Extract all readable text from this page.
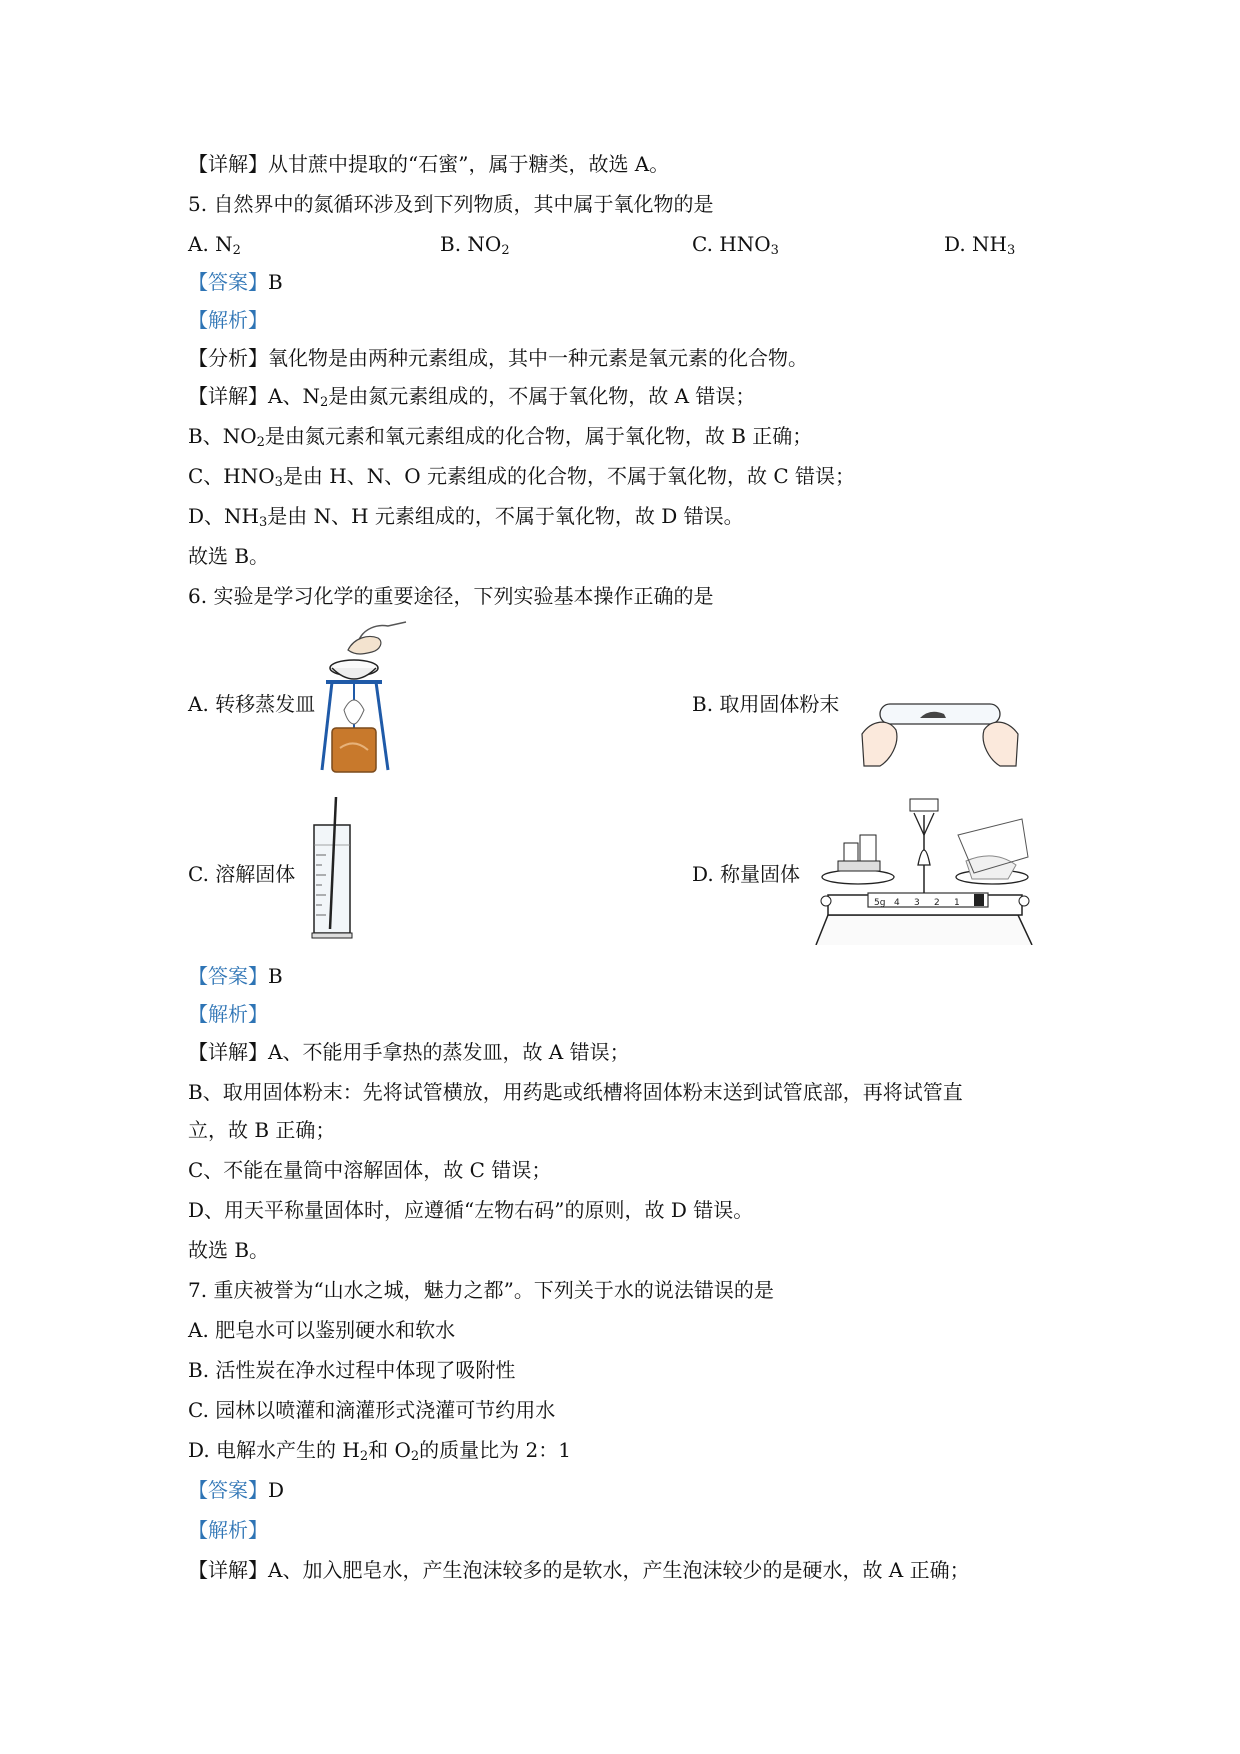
【详解】从甘蔗中提取的“石蜜”，属于糖类，故选 A。
5. 自然界中的氮循环涉及到下列物质，其中属于氧化物的是
A. $N_2$	B. $NO_2$	C. $HNO_3$	D. $NH_3$
【答案】B
【解析】
【分析】氧化物是由两种元素组成，其中一种元素是氧元素的化合物。
【详解】A、$N_2$是由氮元素组成的，不属于氧化物，故 A 错误；
B、$NO_2$是由氮元素和氧元素组成的化合物，属于氧化物，故 B 正确；
C、$HNO_3$是由 H、N、O 元素组成的化合物，不属于氧化物，故 C 错误；
D、$NH_3$是由 N、H 元素组成的，不属于氧化物，故 D 错误。
故选 B。
6. 实验是学习化学的重要途径，下列实验基本操作正确的是
A. 转移蒸发皿	B. 取用固体粉末
C. 溶解固体	D. 称量固体
5g 4 3 2 1
【答案】B
【解析】
【详解】A、不能用手拿热的蒸发皿，故 A 错误；
B、取用固体粉末：先将试管横放，用药匙或纸槽将固体粉末送到试管底部，再将试管直
立，故 B 正确；
C、不能在量筒中溶解固体，故 C 错误；
D、用天平称量固体时，应遵循“左物右码”的原则，故 D 错误。
故选 B。
7. 重庆被誉为“山水之城，魅力之都”。下列关于水的说法错误的是
A. 肥皂水可以鉴别硬水和软水
B. 活性炭在净水过程中体现了吸附性
C. 园林以喷灌和滴灌形式浇灌可节约用水
D. 电解水产生的 $H_2$和 $O_2$的质量比为 2：1
【答案】D
【解析】
【详解】A、加入肥皂水，产生泡沫较多的是软水，产生泡沫较少的是硬水，故 A 正确；
